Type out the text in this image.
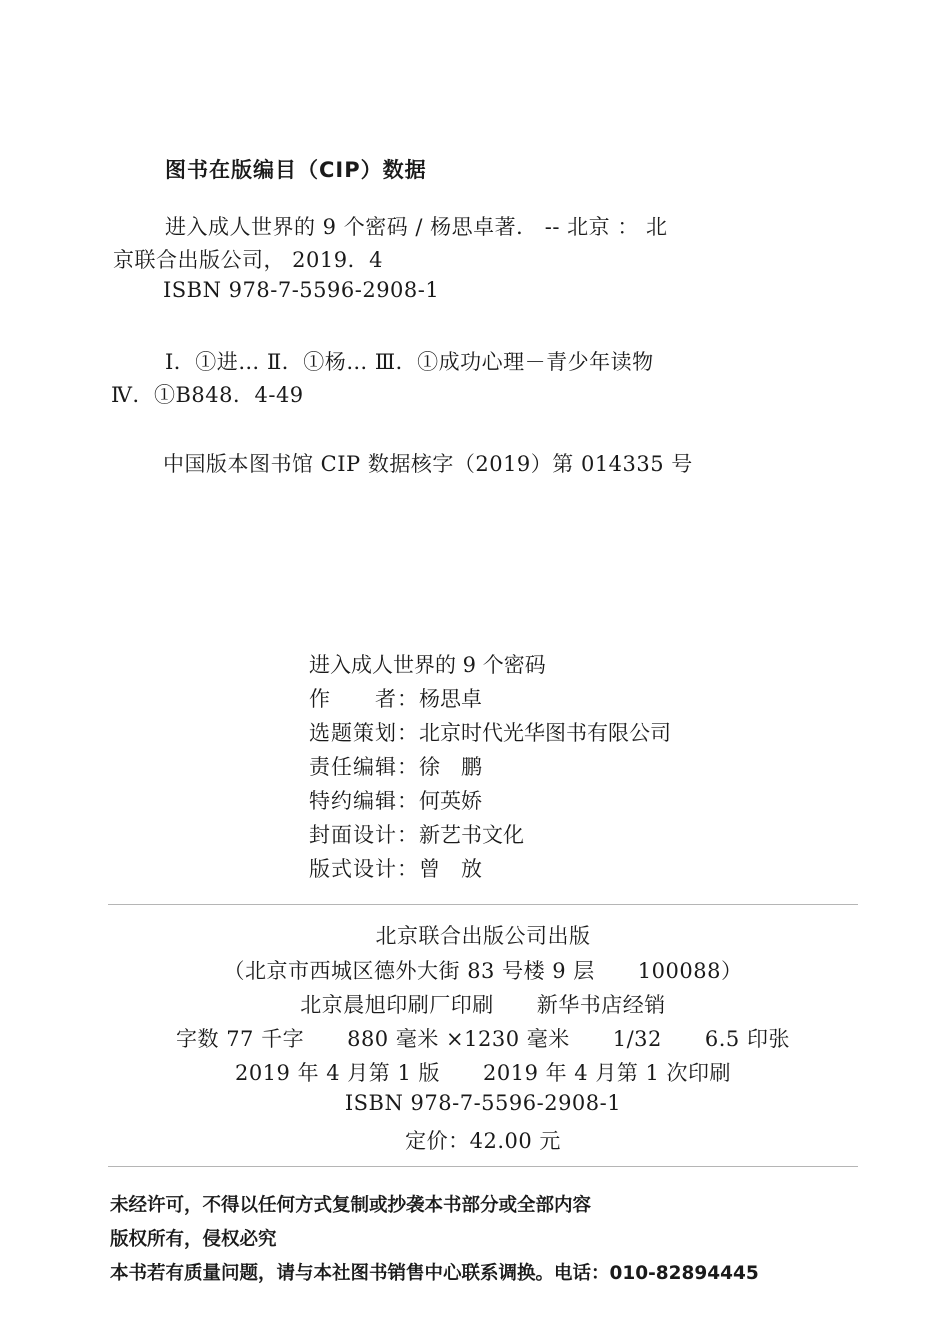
图书在版编目（CIP）数据
进入成人世界的 9 个密码 / 杨思卓著． -- 北京 ： 北
京联合出版公司， 2019．4
ISBN 978-7-5596-2908-1
Ⅰ．①进… Ⅱ．①杨… Ⅲ．①成功心理－青少年读物
Ⅳ．①B848．4-49
中国版本图书馆 CIP 数据核字（2019）第 014335 号
进入成人世界的 9 个密码
作　　者：杨思卓
选题策划：北京时代光华图书有限公司
责任编辑：徐　鹏
特约编辑：何英娇
封面设计：新艺书文化
版式设计：曾　放
北京联合出版公司出版
（北京市西城区德外大街 83 号楼 9 层　　100088）
北京晨旭印刷厂印刷　　新华书店经销
字数 77 千字　　880 毫米 ×1230 毫米　　1/32　　6.5 印张
2019 年 4 月第 1 版　　2019 年 4 月第 1 次印刷
ISBN 978-7-5596-2908-1
定价：42.00 元
未经许可，不得以任何方式复制或抄袭本书部分或全部内容
版权所有，侵权必究
本书若有质量问题，请与本社图书销售中心联系调换。电话：010-82894445
